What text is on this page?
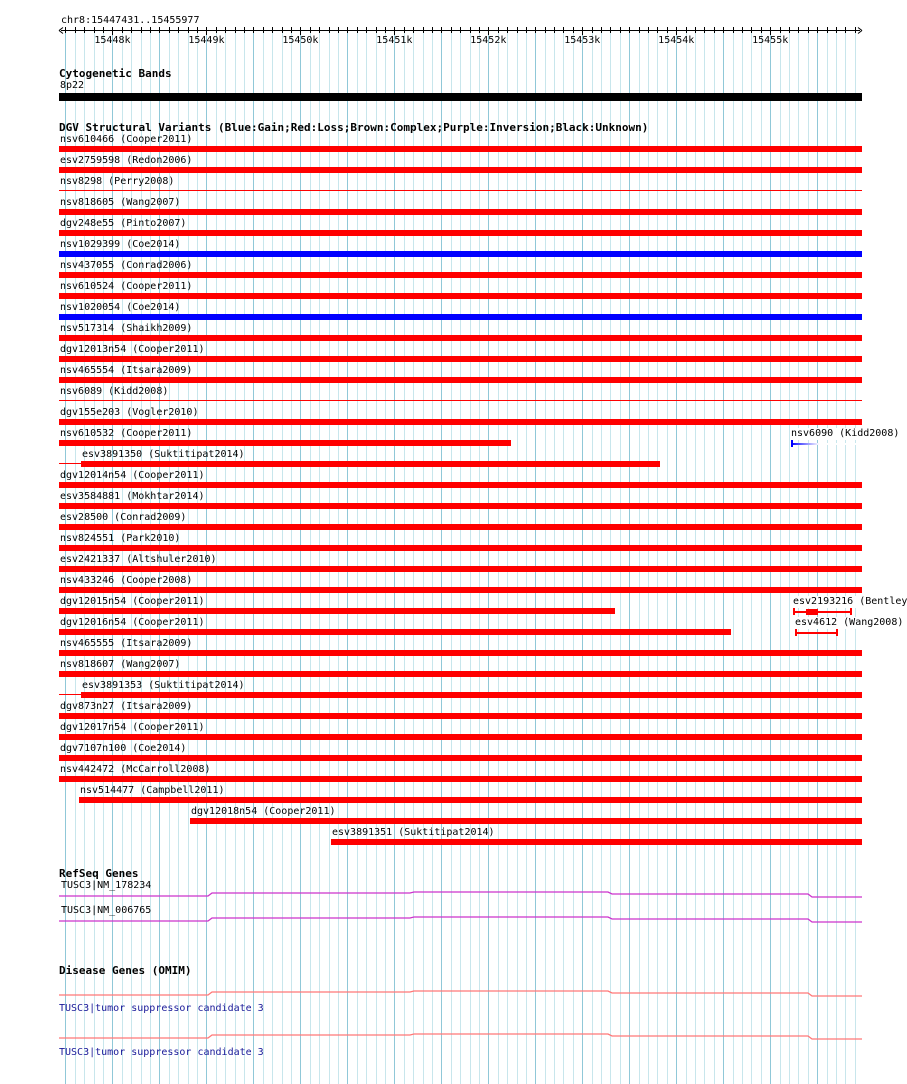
chr8:15447431..15455977
15448k	15449k	15450k	15451k	15452k	15453k	15454k	15455k
Cytogenetic Bands
8p22
DGV Structural Variants (Blue:Gain;Red:Loss;Brown:Complex;Purple:Inversion;Black:Unknown)
nsv610466 (Cooper2011)
esv2759598 (Redon2006)
nsv8298 (Perry2008)
nsv818605 (Wang2007)
dgv248e55 (Pinto2007)
nsv1029399 (Coe2014)
nsv437055 (Conrad2006)
nsv610524 (Cooper2011)
nsv1020054 (Coe2014)
nsv517314 (Shaikh2009)
dgv12013n54 (Cooper2011)
nsv465554 (Itsara2009)
nsv6089 (Kidd2008)
dgv155e203 (Vogler2010)
nsv610532 (Cooper2011)
esv3891350 (Suktitipat2014)
dgv12014n54 (Cooper2011)
esv3584881 (Mokhtar2014)
esv28500 (Conrad2009)
nsv824551 (Park2010)
esv2421337 (Altshuler2010)
nsv433246 (Cooper2008)
dgv12015n54 (Cooper2011)
dgv12016n54 (Cooper2011)
nsv465555 (Itsara2009)
nsv818607 (Wang2007)
esv3891353 (Suktitipat2014)
dgv873n27 (Itsara2009)
dgv12017n54 (Cooper2011)
dgv7107n100 (Coe2014)
nsv442472 (McCarroll2008)
nsv514477 (Campbell2011)
dgv12018n54 (Cooper2011)
esv3891351 (Suktitipat2014)
nsv6090 (Kidd2008)
esv2193216 (Bentley
esv4612 (Wang2008)
RefSeq Genes
TUSC3|NM_178234
TUSC3|NM_006765
Disease Genes (OMIM)
TUSC3|tumor suppressor candidate 3
TUSC3|tumor suppressor candidate 3
